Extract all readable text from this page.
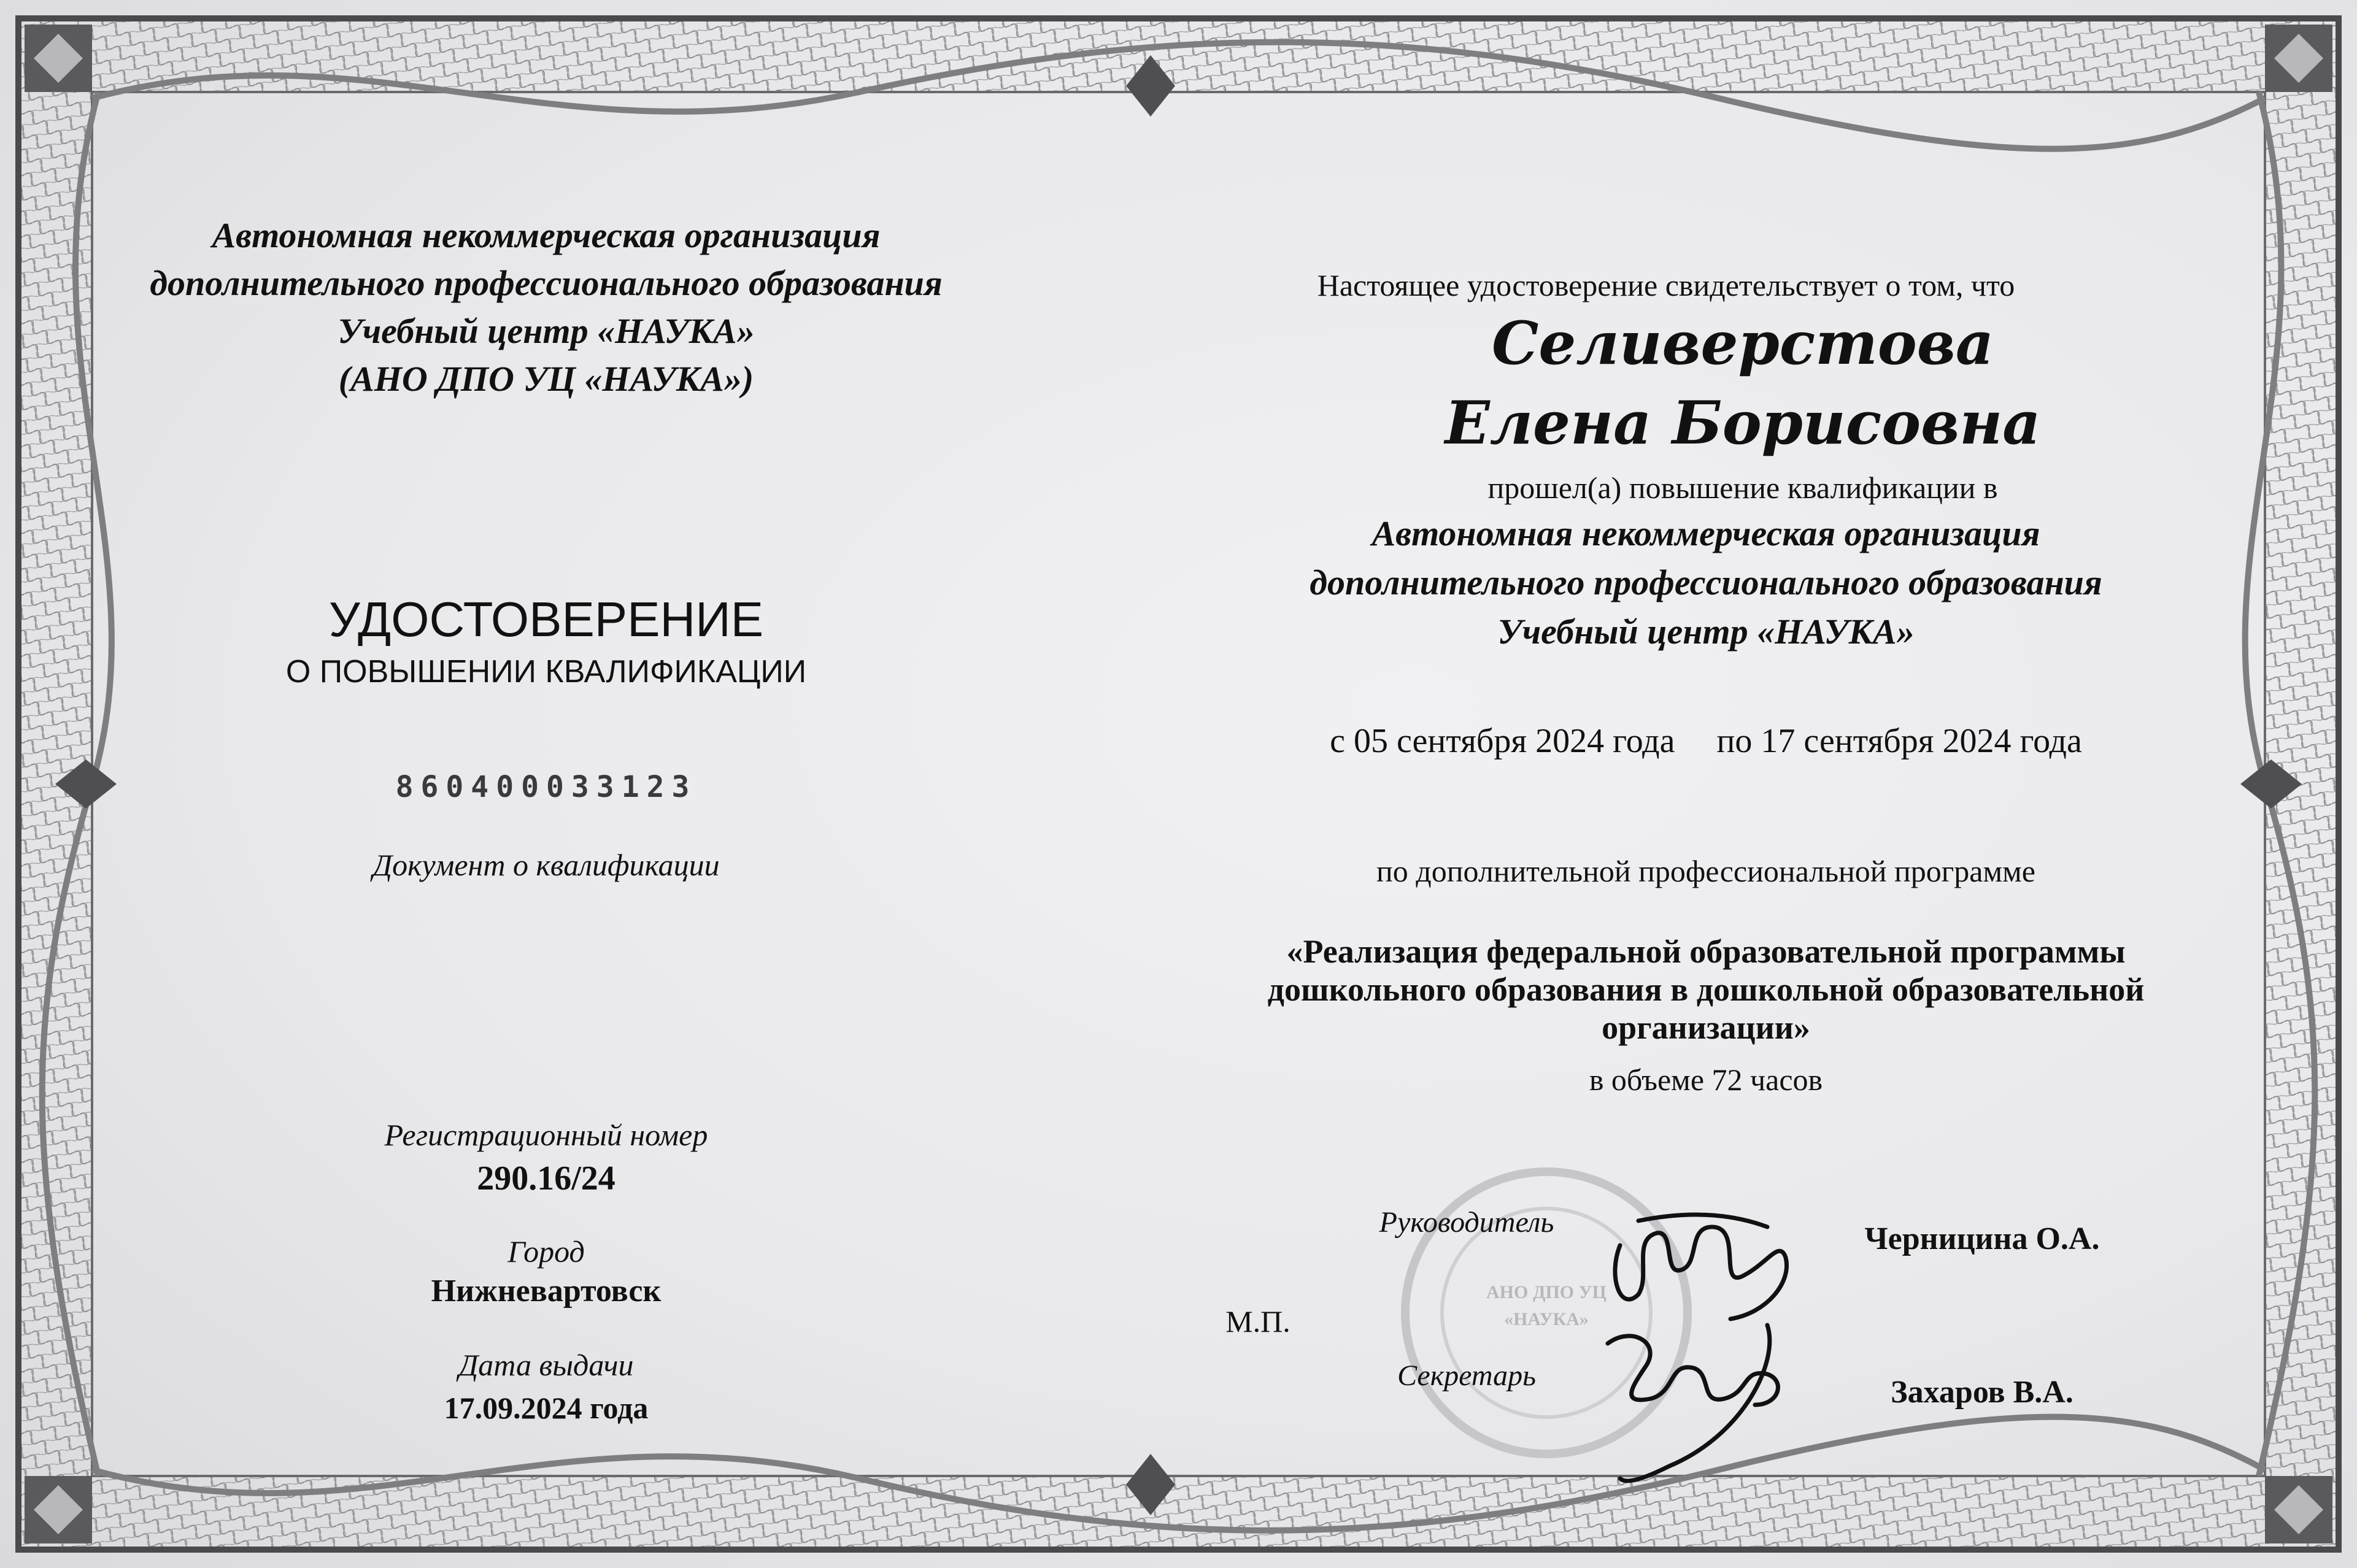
Автономная некоммерческая организация
дополнительного профессионального образования
Учебный центр «НАУКА»
(АНО ДПО УЦ «НАУКА»)
УДОСТОВЕРЕНИЕ
О ПОВЫШЕНИИ КВАЛИФИКАЦИИ
860400033123
Документ о квалификации
Регистрационный номер
290.16/24
Город
Нижневартовск
Дата выдачи
17.09.2024 года
Настоящее удостоверение свидетельствует о том, что
Селиверстова
Елена Борисовна
прошел(а) повышение квалификации в
Автономная некоммерческая организация
дополнительного профессионального образования
Учебный центр «НАУКА»
с 05 сентября 2024 года по 17 сентября 2024 года
по дополнительной профессиональной программе
«Реализация федеральной образовательной программы
дошкольного образования в дошкольной образовательной
организации»
в объеме 72 часов
Руководитель	Черницина О.А.
М.П.
Секретарь	Захаров В.А.
АНО ДПО УЦ
«НАУКА»
